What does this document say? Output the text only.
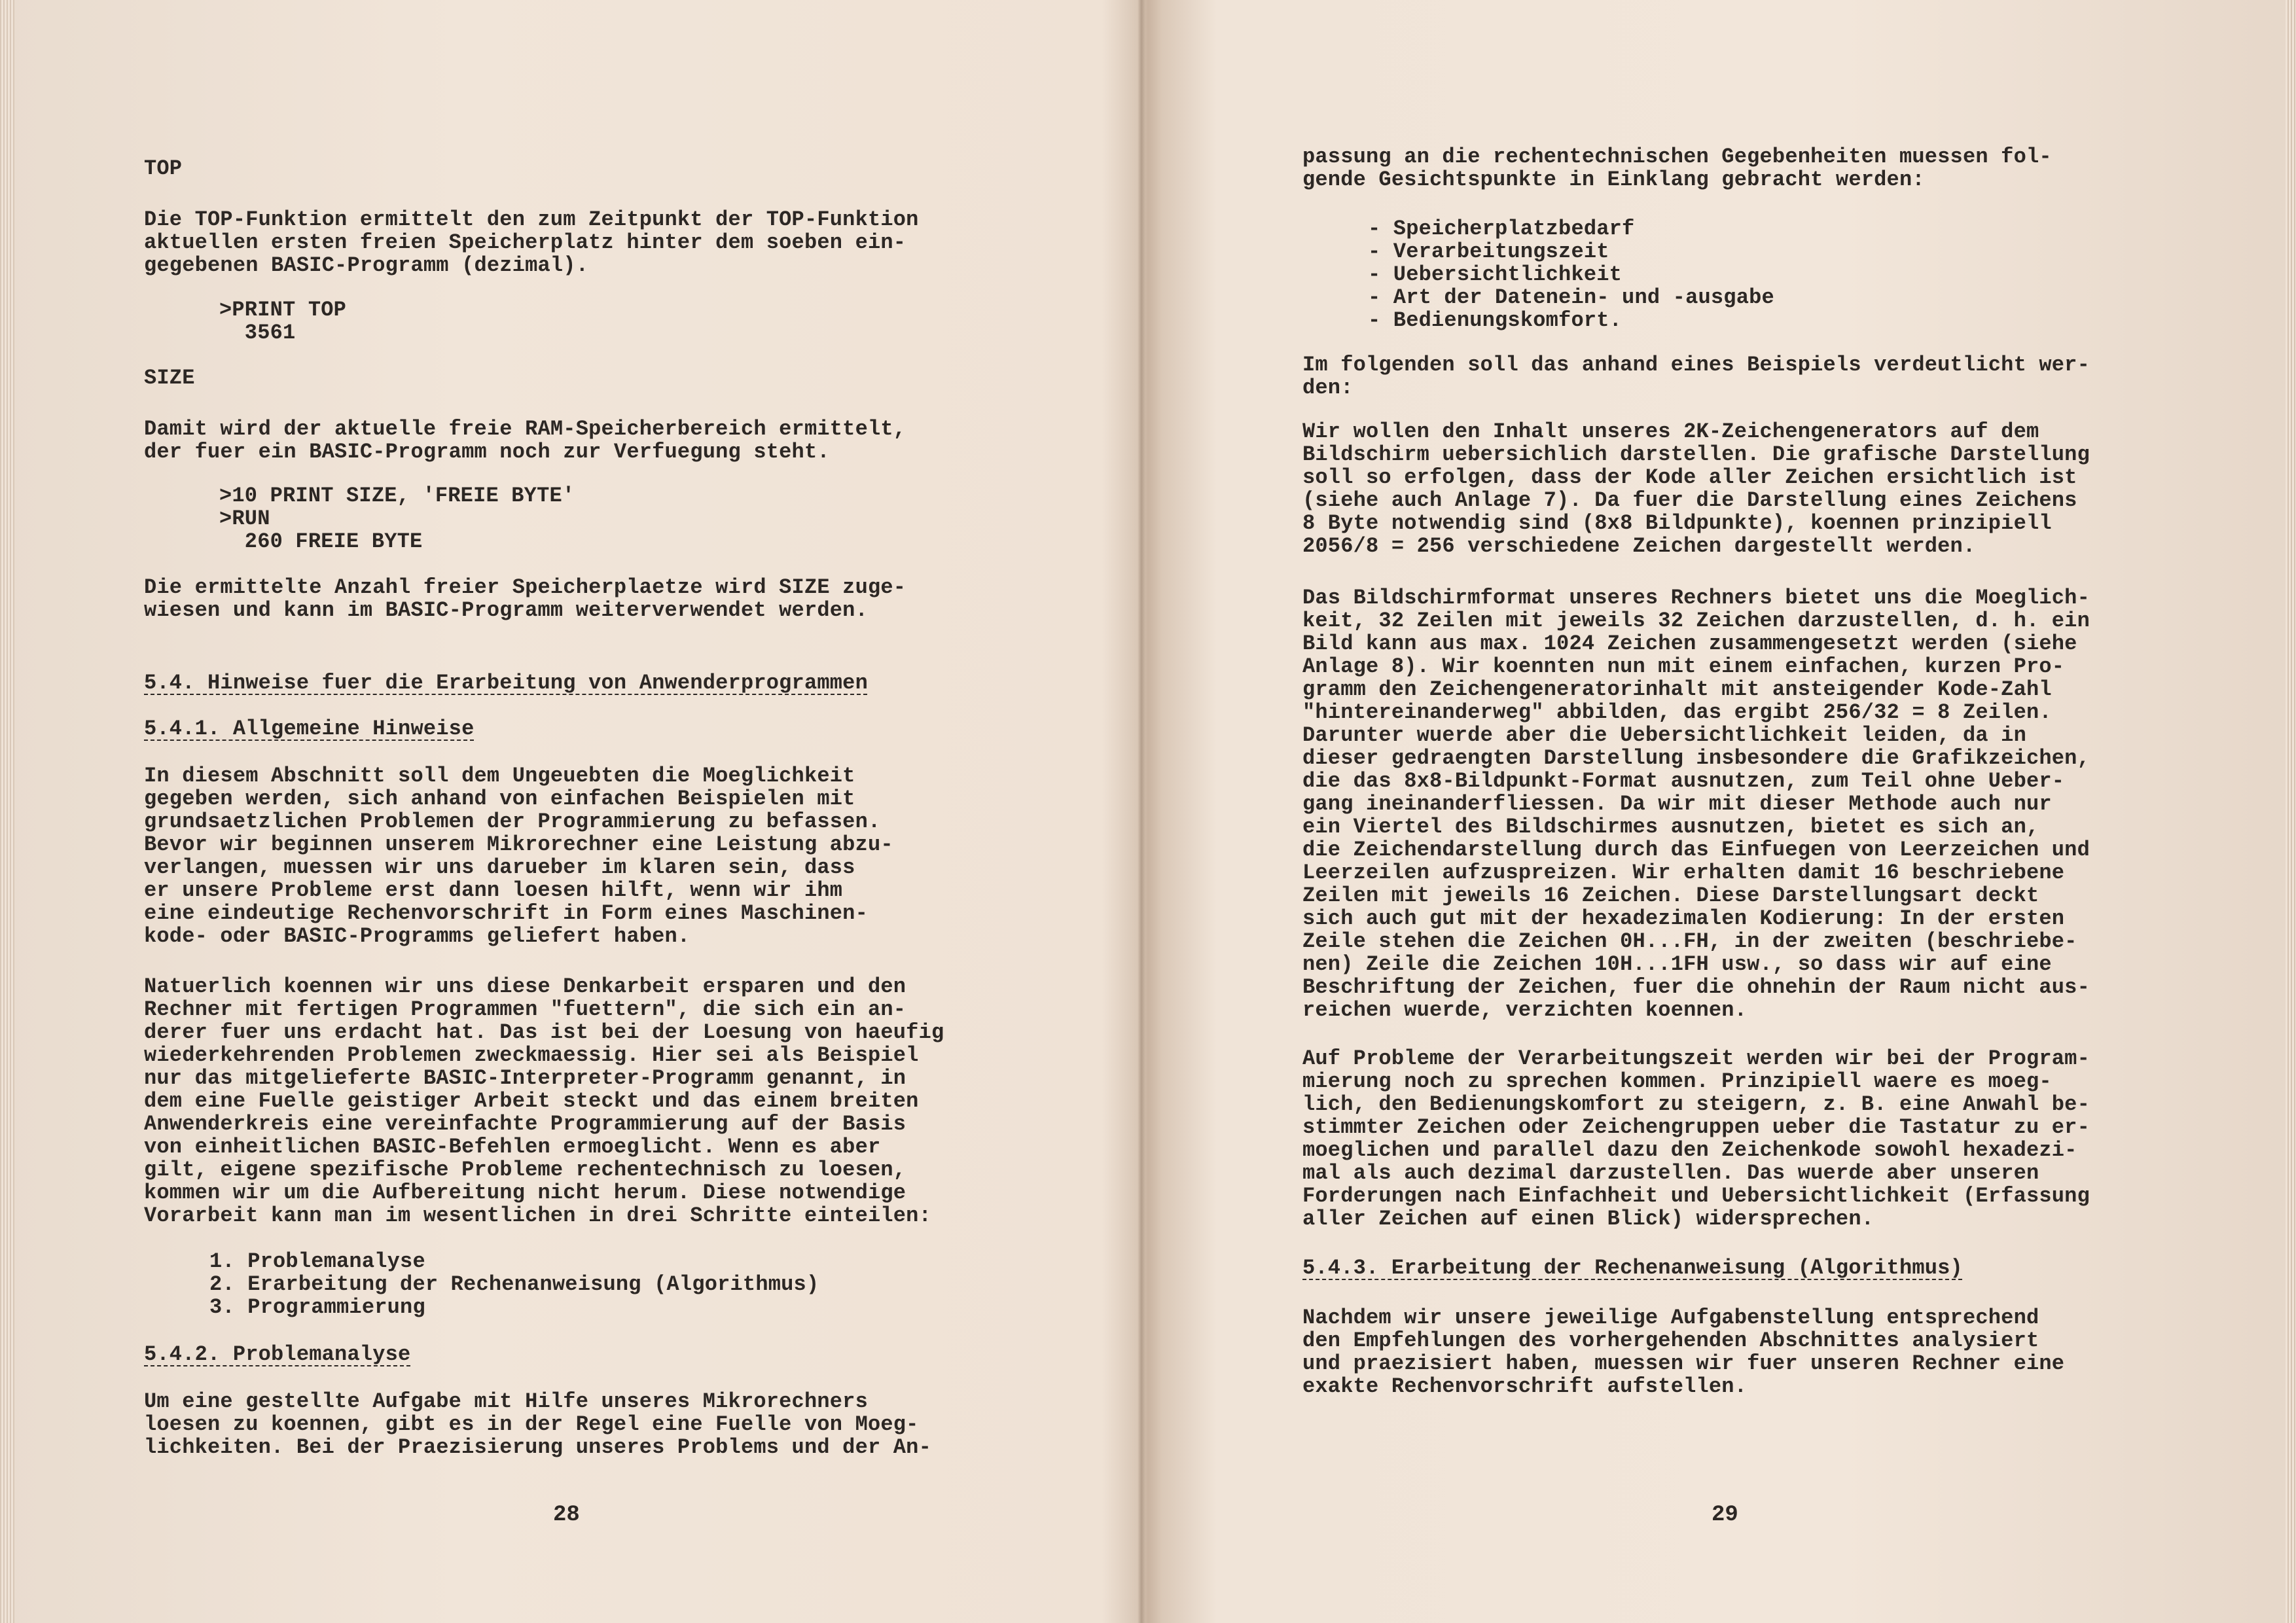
TOP

Die TOP-Funktion ermittelt den zum Zeitpunkt der TOP-Funktion
aktuellen ersten freien Speicherplatz hinter dem soeben ein-
gegebenen BASIC-Programm (dezimal).

>PRINT TOP
3561

SIZE

Damit wird der aktuelle freie RAM-Speicherbereich ermittelt,
der fuer ein BASIC-Programm noch zur Verfuegung steht.

>10 PRINT SIZE, 'FREIE BYTE'
>RUN
260 FREIE BYTE

Die ermittelte Anzahl freier Speicherplaetze wird SIZE zuge-
wiesen und kann im BASIC-Programm weiterverwendet werden.

5.4. Hinweise fuer die Erarbeitung von Anwenderprogrammen

5.4.1. Allgemeine Hinweise

In diesem Abschnitt soll dem Ungeuebten die Moeglichkeit
gegeben werden, sich anhand von einfachen Beispielen mit
grundsaetzlichen Problemen der Programmierung zu befassen.
Bevor wir beginnen unserem Mikrorechner eine Leistung abzu-
verlangen, muessen wir uns darueber im klaren sein, dass
er unsere Probleme erst dann loesen hilft, wenn wir ihm
eine eindeutige Rechenvorschrift in Form eines Maschinen-
kode- oder BASIC-Programms geliefert haben.

Natuerlich koennen wir uns diese Denkarbeit ersparen und den
Rechner mit fertigen Programmen "fuettern", die sich ein an-
derer fuer uns erdacht hat. Das ist bei der Loesung von haeufig
wiederkehrenden Problemen zweckmaessig. Hier sei als Beispiel
nur das mitgelieferte BASIC-Interpreter-Programm genannt, in
dem eine Fuelle geistiger Arbeit steckt und das einem breiten
Anwenderkreis eine vereinfachte Programmierung auf der Basis
von einheitlichen BASIC-Befehlen ermoeglicht. Wenn es aber
gilt, eigene spezifische Probleme rechentechnisch zu loesen,
kommen wir um die Aufbereitung nicht herum. Diese notwendige
Vorarbeit kann man im wesentlichen in drei Schritte einteilen:

1. Problemanalyse
2. Erarbeitung der Rechenanweisung (Algorithmus)
3. Programmierung

5.4.2. Problemanalyse

Um eine gestellte Aufgabe mit Hilfe unseres Mikrorechners
loesen zu koennen, gibt es in der Regel eine Fuelle von Moeg-
lichkeiten. Bei der Praezisierung unseres Problems und der An-

28

passung an die rechentechnischen Gegebenheiten muessen fol-
gende Gesichtspunkte in Einklang gebracht werden:

- Speicherplatzbedarf
- Verarbeitungszeit
- Uebersichtlichkeit
- Art der Datenein- und -ausgabe
- Bedienungskomfort.

Im folgenden soll das anhand eines Beispiels verdeutlicht wer-
den:

Wir wollen den Inhalt unseres 2K-Zeichengenerators auf dem
Bildschirm uebersichlich darstellen. Die grafische Darstellung
soll so erfolgen, dass der Kode aller Zeichen ersichtlich ist
(siehe auch Anlage 7). Da fuer die Darstellung eines Zeichens
8 Byte notwendig sind (8x8 Bildpunkte), koennen prinzipiell
2056/8 = 256 verschiedene Zeichen dargestellt werden.

Das Bildschirmformat unseres Rechners bietet uns die Moeglich-
keit, 32 Zeilen mit jeweils 32 Zeichen darzustellen, d. h. ein
Bild kann aus max. 1024 Zeichen zusammengesetzt werden (siehe
Anlage 8). Wir koennten nun mit einem einfachen, kurzen Pro-
gramm den Zeichengeneratorinhalt mit ansteigender Kode-Zahl
"hintereinanderweg" abbilden, das ergibt 256/32 = 8 Zeilen.
Darunter wuerde aber die Uebersichtlichkeit leiden, da in
dieser gedraengten Darstellung insbesondere die Grafikzeichen,
die das 8x8-Bildpunkt-Format ausnutzen, zum Teil ohne Ueber-
gang ineinanderfliessen. Da wir mit dieser Methode auch nur
ein Viertel des Bildschirmes ausnutzen, bietet es sich an,
die Zeichendarstellung durch das Einfuegen von Leerzeichen und
Leerzeilen aufzuspreizen. Wir erhalten damit 16 beschriebene
Zeilen mit jeweils 16 Zeichen. Diese Darstellungsart deckt
sich auch gut mit der hexadezimalen Kodierung: In der ersten
Zeile stehen die Zeichen 0H...FH, in der zweiten (beschriebe-
nen) Zeile die Zeichen 10H...1FH usw., so dass wir auf eine
Beschriftung der Zeichen, fuer die ohnehin der Raum nicht aus-
reichen wuerde, verzichten koennen.

Auf Probleme der Verarbeitungszeit werden wir bei der Program-
mierung noch zu sprechen kommen. Prinzipiell waere es moeg-
lich, den Bedienungskomfort zu steigern, z. B. eine Anwahl be-
stimmter Zeichen oder Zeichengruppen ueber die Tastatur zu er-
moeglichen und parallel dazu den Zeichenkode sowohl hexadezi-
mal als auch dezimal darzustellen. Das wuerde aber unseren
Forderungen nach Einfachheit und Uebersichtlichkeit (Erfassung
aller Zeichen auf einen Blick) widersprechen.

5.4.3. Erarbeitung der Rechenanweisung (Algorithmus)

Nachdem wir unsere jeweilige Aufgabenstellung entsprechend
den Empfehlungen des vorhergehenden Abschnittes analysiert
und praezisiert haben, muessen wir fuer unseren Rechner eine
exakte Rechenvorschrift aufstellen.

29
